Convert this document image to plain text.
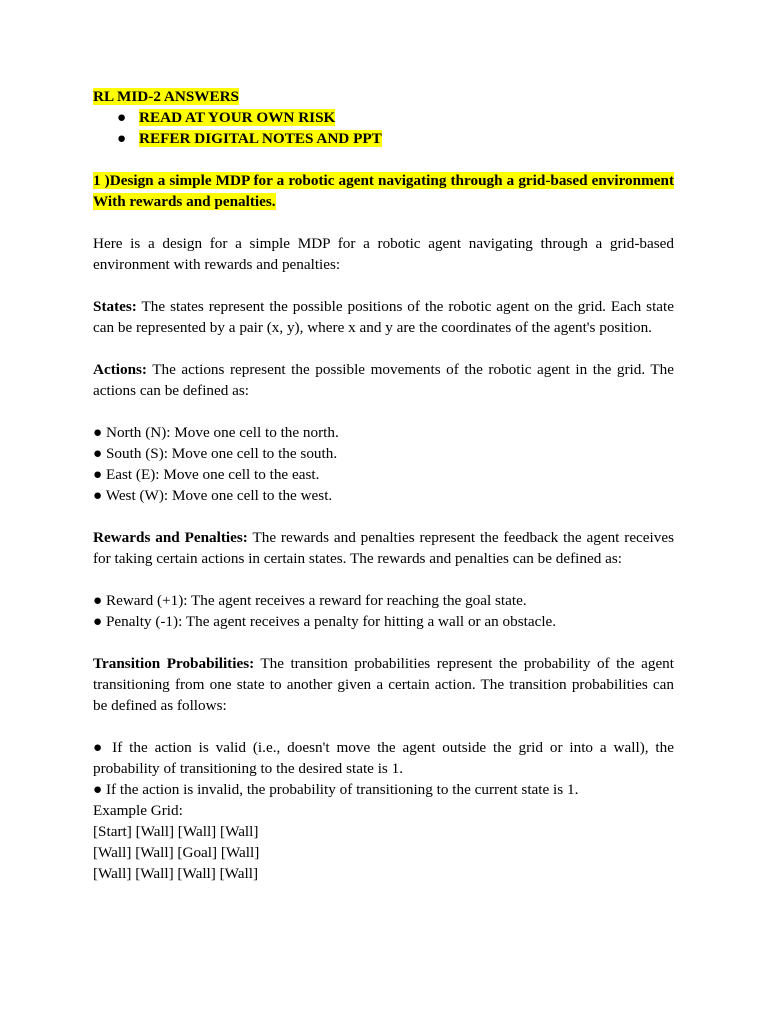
RL MID-2 ANSWERS
● READ AT YOUR OWN RISK
● REFER DIGITAL NOTES AND PPT
1 )Design a simple MDP for a robotic agent navigating through a grid-based environment With rewards and penalties.
Here is a design for a simple MDP for a robotic agent navigating through a grid-based environment with rewards and penalties:
States: The states represent the possible positions of the robotic agent on the grid. Each state can be represented by a pair (x, y), where x and y are the coordinates of the agent's position.
Actions: The actions represent the possible movements of the robotic agent in the grid. The actions can be defined as:
● North (N): Move one cell to the north.
● South (S): Move one cell to the south.
● East (E): Move one cell to the east.
● West (W): Move one cell to the west.
Rewards and Penalties: The rewards and penalties represent the feedback the agent receives for taking certain actions in certain states. The rewards and penalties can be defined as:
● Reward (+1): The agent receives a reward for reaching the goal state.
● Penalty (-1): The agent receives a penalty for hitting a wall or an obstacle.
Transition Probabilities: The transition probabilities represent the probability of the agent transitioning from one state to another given a certain action. The transition probabilities can be defined as follows:
● If the action is valid (i.e., doesn't move the agent outside the grid or into a wall), the probability of transitioning to the desired state is 1.
● If the action is invalid, the probability of transitioning to the current state is 1.
Example Grid:
[Start] [Wall] [Wall] [Wall]
[Wall] [Wall] [Goal] [Wall]
[Wall] [Wall] [Wall] [Wall]
